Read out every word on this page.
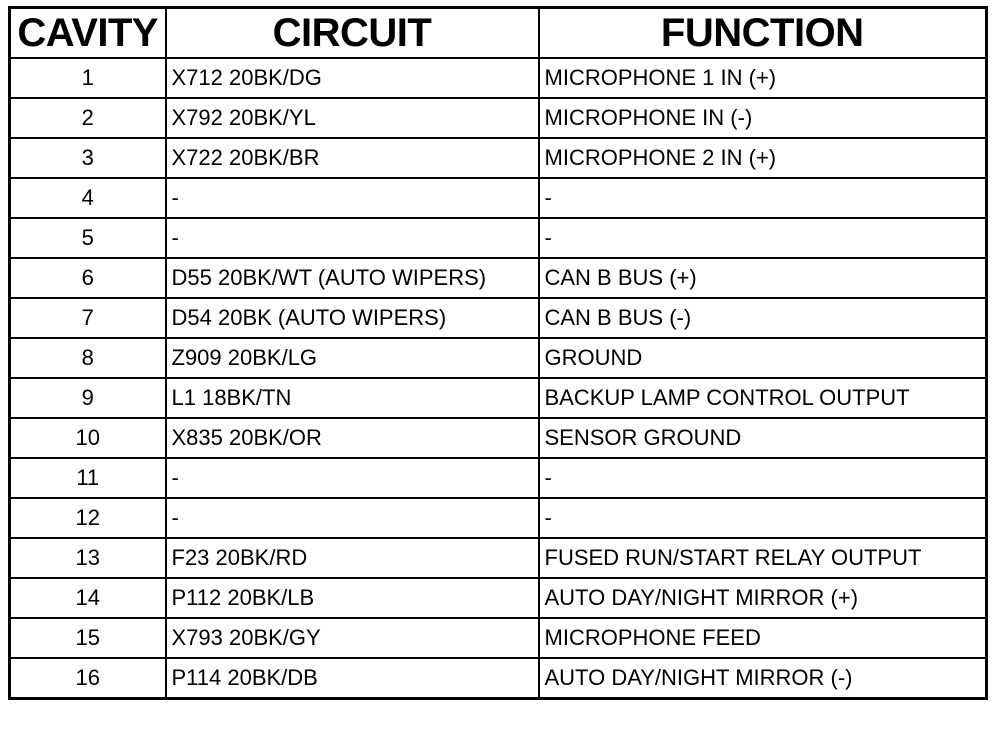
CAVITY	CIRCUIT	FUNCTION
1	X712 20BK/DG	MICROPHONE 1 IN (+)
2	X792 20BK/YL	MICROPHONE IN (-)
3	X722 20BK/BR	MICROPHONE 2 IN (+)
4	-	-
5	-	-
6	D55 20BK/WT (AUTO WIPERS)	CAN B BUS (+)
7	D54 20BK (AUTO WIPERS)	CAN B BUS (-)
8	Z909 20BK/LG	GROUND
9	L1 18BK/TN	BACKUP LAMP CONTROL OUTPUT
10	X835 20BK/OR	SENSOR GROUND
11	-	-
12	-	-
13	F23 20BK/RD	FUSED RUN/START RELAY OUTPUT
14	P112 20BK/LB	AUTO DAY/NIGHT MIRROR (+)
15	X793 20BK/GY	MICROPHONE FEED
16	P114 20BK/DB	AUTO DAY/NIGHT MIRROR (-)
